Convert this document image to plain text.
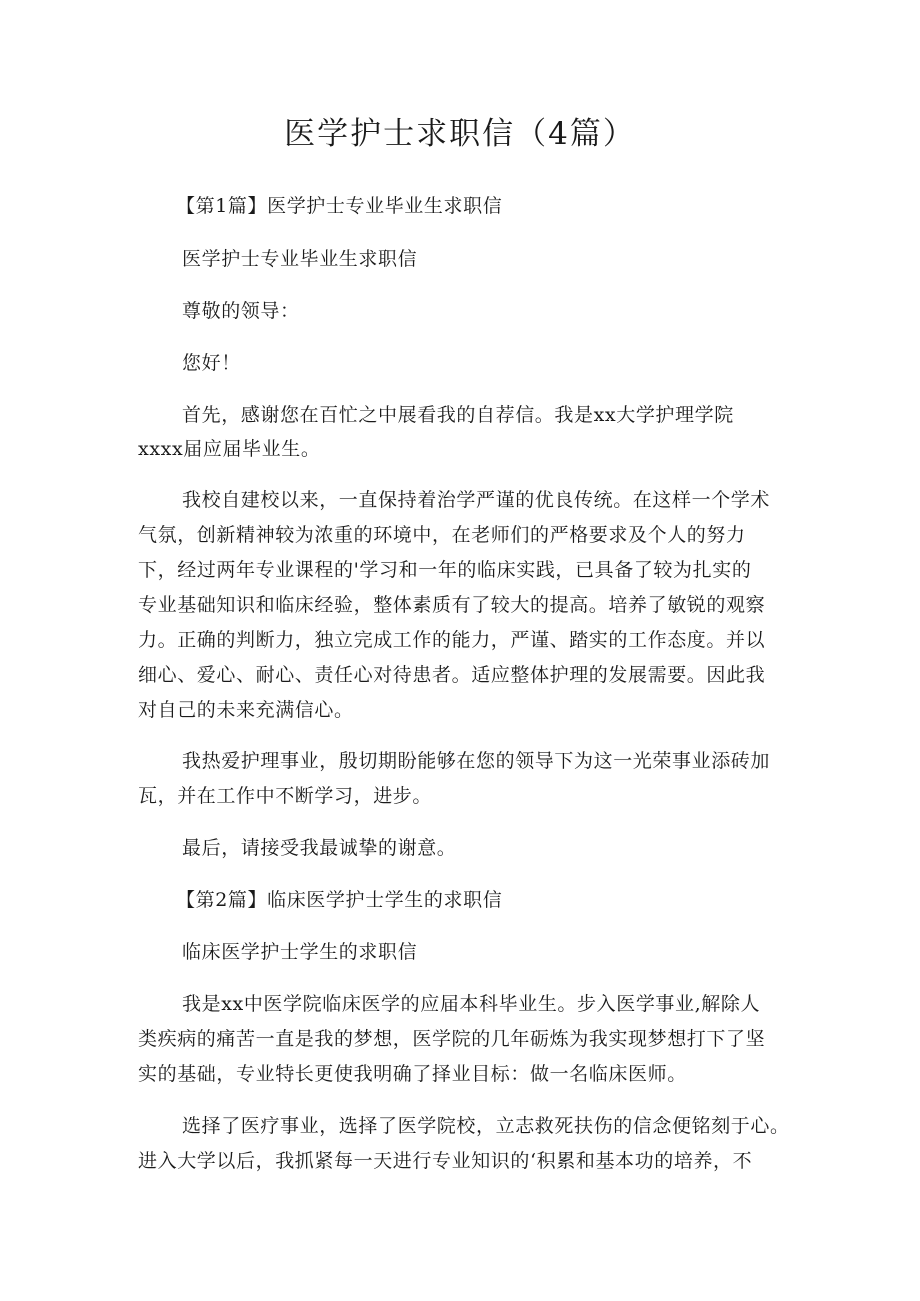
医学护士求职信（4篇）
【第1篇】医学护士专业毕业生求职信
医学护士专业毕业生求职信
尊敬的领导：
您好！
首先，感谢您在百忙之中展看我的自荐信。我是xx大学护理学院
xxxx届应届毕业生。
我校自建校以来，一直保持着治学严谨的优良传统。在这样一个学术
气氛，创新精神较为浓重的环境中，在老师们的严格要求及个人的努力
下，经过两年专业课程的'学习和一年的临床实践，已具备了较为扎实的
专业基础知识和临床经验，整体素质有了较大的提高。培养了敏锐的观察
力。正确的判断力，独立完成工作的能力，严谨、踏实的工作态度。并以
细心、爱心、耐心、责任心对待患者。适应整体护理的发展需要。因此我
对自己的未来充满信心。
我热爱护理事业，殷切期盼能够在您的领导下为这一光荣事业添砖加
瓦，并在工作中不断学习，进步。
最后，请接受我最诚挚的谢意。
【第2篇】临床医学护士学生的求职信
临床医学护士学生的求职信
我是xx中医学院临床医学的应届本科毕业生。步入医学事业,解除人
类疾病的痛苦一直是我的梦想，医学院的几年砺炼为我实现梦想打下了坚
实的基础，专业特长更使我明确了择业目标：做一名临床医师。
选择了医疗事业，选择了医学院校，立志救死扶伤的信念便铭刻于心。
进入大学以后，我抓紧每一天进行专业知识的‘积累和基本功的培养，不
